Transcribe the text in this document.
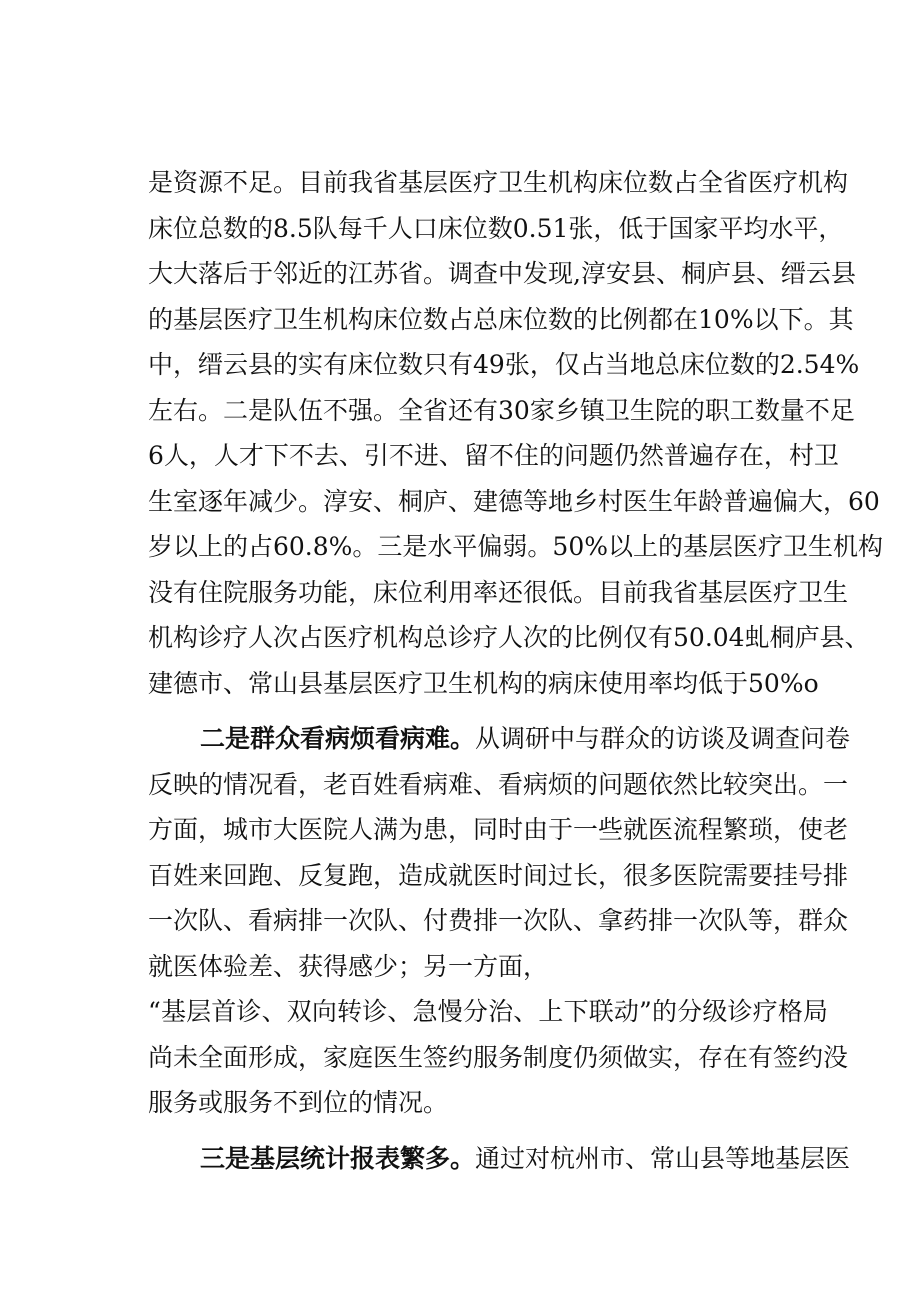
是资源不足。目前我省基层医疗卫生机构床位数占全省医疗机构
床位总数的8.5队每千人口床位数0.51张，低于国家平均水平，
大大落后于邻近的江苏省。调查中发现,淳安县、桐庐县、缙云县
的基层医疗卫生机构床位数占总床位数的比例都在10%以下。其
中，缙云县的实有床位数只有49张，仅占当地总床位数的2.54%
左右。二是队伍不强。全省还有30家乡镇卫生院的职工数量不足
6人，人才下不去、引不进、留不住的问题仍然普遍存在，村卫
生室逐年减少。淳安、桐庐、建德等地乡村医生年龄普遍偏大，60
岁以上的占60.8%。三是水平偏弱。50%以上的基层医疗卫生机构
没有住院服务功能，床位利用率还很低。目前我省基层医疗卫生
机构诊疗人次占医疗机构总诊疗人次的比例仅有50.04虬桐庐县、
建德市、常山县基层医疗卫生机构的病床使用率均低于50%o
二是群众看病烦看病难。从调研中与群众的访谈及调查问卷
反映的情况看，老百姓看病难、看病烦的问题依然比较突出。一
方面，城市大医院人满为患，同时由于一些就医流程繁琐，使老
百姓来回跑、反复跑，造成就医时间过长，很多医院需要挂号排
一次队、看病排一次队、付费排一次队、拿药排一次队等，群众
就医体验差、获得感少；另一方面，
“基层首诊、双向转诊、急慢分治、上下联动”的分级诊疗格局
尚未全面形成，家庭医生签约服务制度仍须做实，存在有签约没
服务或服务不到位的情况。
三是基层统计报表繁多。通过对杭州市、常山县等地基层医
